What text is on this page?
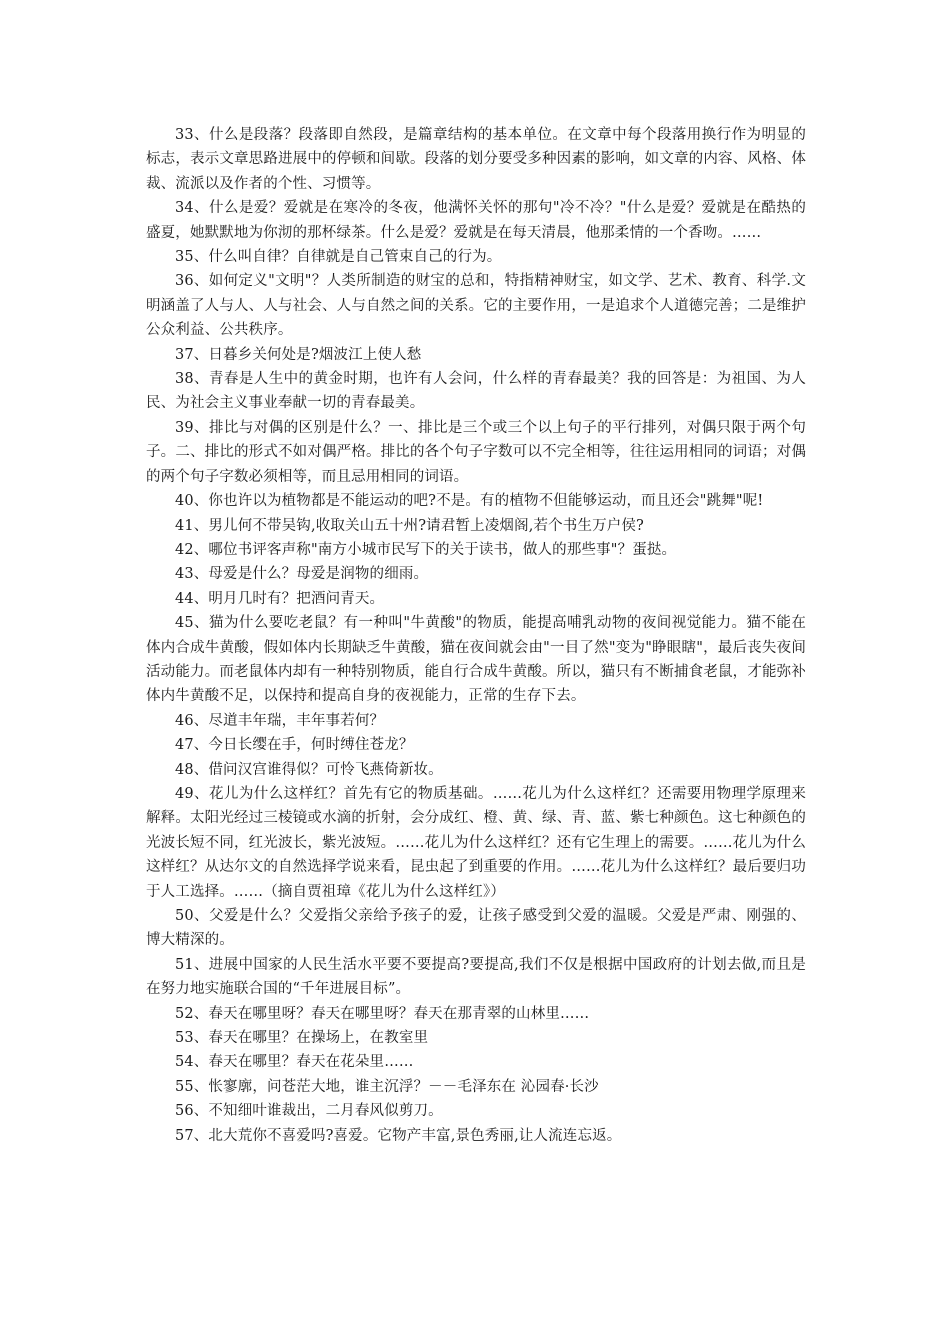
33、什么是段落？段落即自然段，是篇章结构的基本单位。在文章中每个段落用换行作为明显的标志，表示文章思路进展中的停顿和间歇。段落的划分要受多种因素的影响，如文章的内容、风格、体裁、流派以及作者的个性、习惯等。

34、什么是爱？爱就是在寒冷的冬夜，他满怀关怀的那句"冷不冷？"什么是爱？爱就是在酷热的盛夏，她默默地为你沏的那杯绿茶。什么是爱？爱就是在每天清晨，他那柔情的一个香吻。……

35、什么叫自律？自律就是自己管束自己的行为。

36、如何定义"文明"？人类所制造的财宝的总和，特指精神财宝，如文学、艺术、教育、科学.文明涵盖了人与人、人与社会、人与自然之间的关系。它的主要作用，一是追求个人道德完善；二是维护公众利益、公共秩序。

37、日暮乡关何处是?烟波江上使人愁

38、青春是人生中的黄金时期，也许有人会问，什么样的青春最美？我的回答是：为祖国、为人民、为社会主义事业奉献一切的青春最美。

39、排比与对偶的区别是什么？一、排比是三个或三个以上句子的平行排列，对偶只限于两个句子。二、排比的形式不如对偶严格。排比的各个句子字数可以不完全相等，往往运用相同的词语；对偶的两个句子字数必须相等，而且忌用相同的词语。

40、你也许以为植物都是不能运动的吧?不是。有的植物不但能够运动，而且还会"跳舞"呢!

41、男儿何不带吴钩,收取关山五十州?请君暂上凌烟阁,若个书生万户侯?

42、哪位书评客声称"南方小城市民写下的关于读书，做人的那些事"？蛋挞。

43、母爱是什么？母爱是润物的细雨。

44、明月几时有？把酒问青天。

45、猫为什么要吃老鼠？有一种叫"牛黄酸"的物质，能提高哺乳动物的夜间视觉能力。猫不能在体内合成牛黄酸，假如体内长期缺乏牛黄酸，猫在夜间就会由"一目了然"变为"睁眼瞎"，最后丧失夜间活动能力。而老鼠体内却有一种特别物质，能自行合成牛黄酸。所以，猫只有不断捕食老鼠，才能弥补体内牛黄酸不足，以保持和提高自身的夜视能力，正常的生存下去。

46、尽道丰年瑞，丰年事若何？

47、今日长缨在手，何时缚住苍龙？

48、借问汉宫谁得似？可怜飞燕倚新妆。

49、花儿为什么这样红？首先有它的物质基础。……花儿为什么这样红？还需要用物理学原理来解释。太阳光经过三棱镜或水滴的折射，会分成红、橙、黄、绿、青、蓝、紫七种颜色。这七种颜色的光波长短不同，红光波长，紫光波短。……花儿为什么这样红？还有它生理上的需要。……花儿为什么这样红？从达尔文的自然选择学说来看，昆虫起了到重要的作用。……花儿为什么这样红？最后要归功于人工选择。……（摘自贾祖璋《花儿为什么这样红》）

50、父爱是什么？父爱指父亲给予孩子的爱，让孩子感受到父爱的温暖。父爱是严肃、刚强的、博大精深的。

51、进展中国家的人民生活水平要不要提高?要提高,我们不仅是根据中国政府的计划去做,而且是在努力地实施联合国的“千年进展目标”。

52、春天在哪里呀？春天在哪里呀？春天在那青翠的山林里……

53、春天在哪里？在操场上，在教室里

54、春天在哪里？春天在花朵里……

55、怅寥廓，问苍茫大地，谁主沉浮？－－毛泽东在 沁园春·长沙

56、不知细叶谁裁出，二月春风似剪刀。

57、北大荒你不喜爱吗?喜爱。它物产丰富,景色秀丽,让人流连忘返。
